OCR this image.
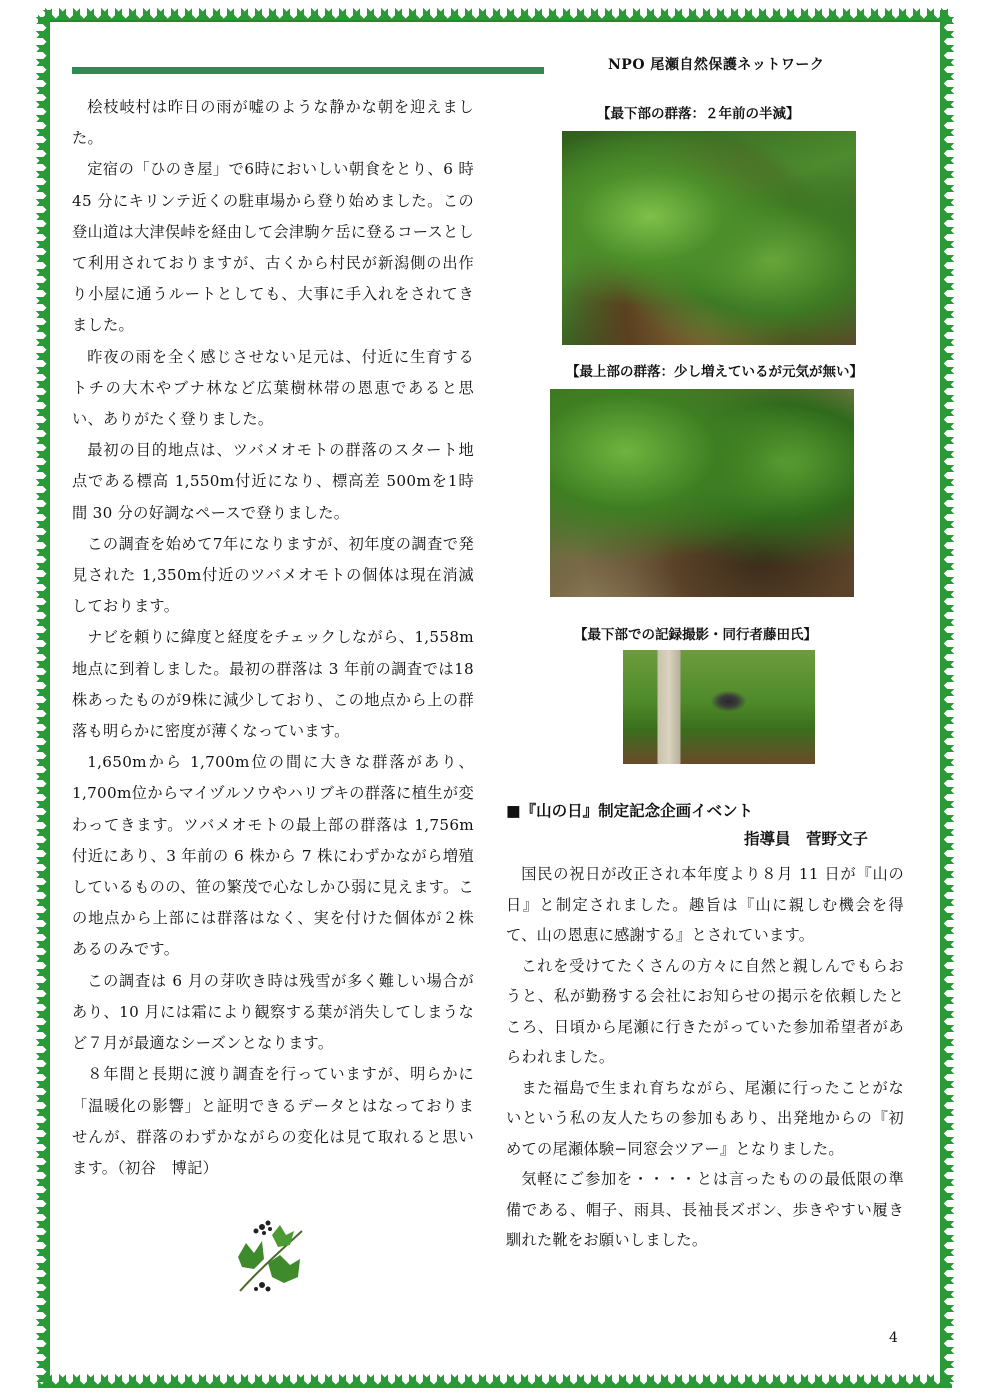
NPO 尾瀬自然保護ネットワーク

桧枝岐村は昨日の雨が嘘のような静かな朝を迎えました。

定宿の「ひのき屋」で6時においしい朝食をとり、6 時 45 分にキリンテ近くの駐車場から登り始めました。この登山道は大津俣峠を経由して会津駒ケ岳に登るコースとして利用されておりますが、古くから村民が新潟側の出作り小屋に通うルートとしても、大事に手入れをされてきました。

昨夜の雨を全く感じさせない足元は、付近に生育するトチの大木やブナ林など広葉樹林帯の恩恵であると思い、ありがたく登りました。

最初の目的地点は、ツバメオモトの群落のスタート地点である標高 1,550m付近になり、標高差 500mを1時間 30 分の好調なペースで登りました。

この調査を始めて7年になりますが、初年度の調査で発見された 1,350m付近のツバメオモトの個体は現在消滅しております。

ナビを頼りに緯度と経度をチェックしながら、1,558m地点に到着しました。最初の群落は 3 年前の調査では18株あったものが9株に減少しており、この地点から上の群落も明らかに密度が薄くなっています。

1,650mから 1,700m位の間に大きな群落があり、1,700m位からマイヅルソウやハリブキの群落に植生が変わってきます。ツバメオモトの最上部の群落は 1,756m付近にあり、3 年前の 6 株から 7 株にわずかながら増殖しているものの、笹の繁茂で心なしかひ弱に見えます。この地点から上部には群落はなく、実を付けた個体が２株あるのみです。

この調査は 6 月の芽吹き時は残雪が多く難しい場合があり、10 月には霜により観察する葉が消失してしまうなど７月が最適なシーズンとなります。

８年間と長期に渡り調査を行っていますが、明らかに「温暖化の影響」と証明できるデータとはなっておりませんが、群落のわずかながらの変化は見て取れると思います。（初谷　博記）

【最下部の群落：２年前の半減】
【最上部の群落：少し増えているが元気が無い】
【最下部での記録撮影・同行者藤田氏】
■『山の日』制定記念企画イベント
指導員　菅野文子

国民の祝日が改正され本年度より８月 11 日が『山の日』と制定されました。趣旨は『山に親しむ機会を得て、山の恩恵に感謝する』とされています。

これを受けてたくさんの方々に自然と親しんでもらおうと、私が勤務する会社にお知らせの掲示を依頼したところ、日頃から尾瀬に行きたがっていた参加希望者があらわれました。

また福島で生まれ育ちながら、尾瀬に行ったことがないという私の友人たちの参加もあり、出発地からの『初めての尾瀬体験−同窓会ツアー』となりました。

気軽にご参加を・・・・とは言ったものの最低限の準備である、帽子、雨具、長袖長ズボン、歩きやすい履き馴れた靴をお願いしました。

4
